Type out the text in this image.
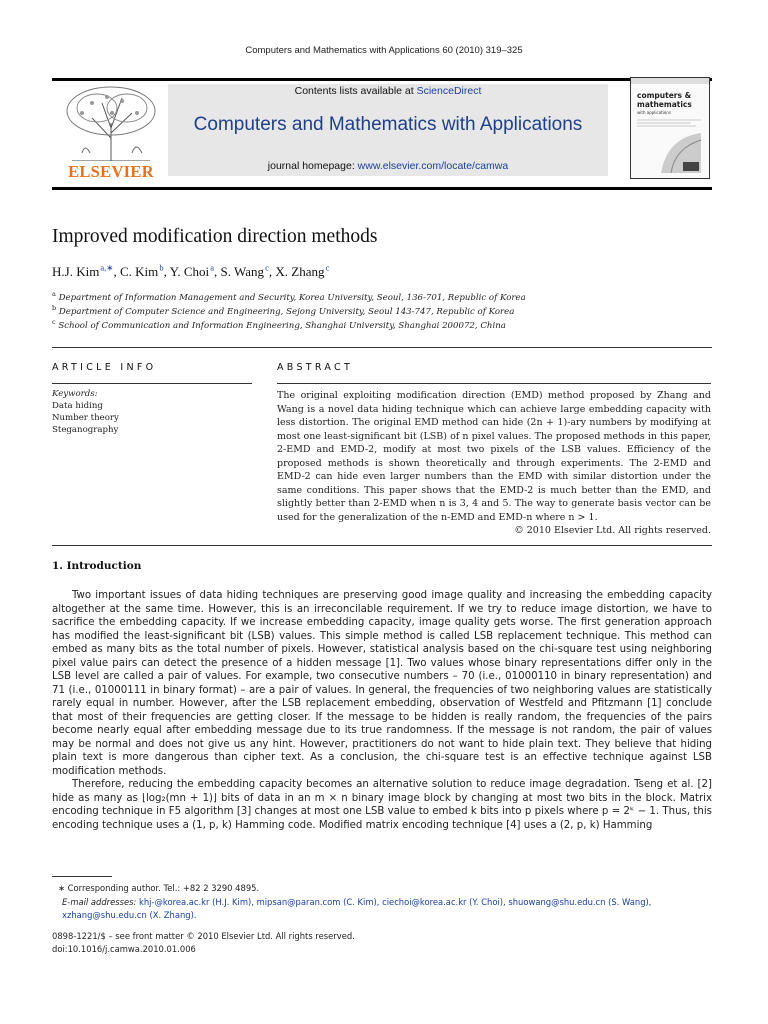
Computers and Mathematics with Applications 60 (2010) 319–325
ELSEVIER
Contents lists available at ScienceDirect
Computers and Mathematics with Applications
journal homepage: www.elsevier.com/locate/camwa
computers &
mathematics
with applications
Improved modification direction methods
H.J. Kim $^{a,∗}$, C. Kim $^b$, Y. Choi $^a$, S. Wang $^c$, X. Zhang $^c$
$^a$ Department of Information Management and Security, Korea University, Seoul, 136-701, Republic of Korea
$^b$ Department of Computer Science and Engineering, Sejong University, Seoul 143-747, Republic of Korea
$^c$ School of Communication and Information Engineering, Shanghai University, Shanghai 200072, China
ARTICLE INFO	ABSTRACT
Keywords:
Data hiding
Number theory
Steganography

The original exploiting modification direction (EMD) method proposed by Zhang and Wang is a novel data hiding technique which can achieve large embedding capacity with less distortion. The original EMD method can hide (2n + 1)-ary numbers by modifying at most one least-significant bit (LSB) of n pixel values. The proposed methods in this paper, 2-EMD and EMD-2, modify at most two pixels of the LSB values. Efficiency of the proposed methods is shown theoretically and through experiments. The 2-EMD and EMD-2 can hide even larger numbers than the EMD with similar distortion under the same conditions. This paper shows that the EMD-2 is much better than the EMD, and slightly better than 2-EMD when n is 3, 4 and 5. The way to generate basis vector can be used for the generalization of the n-EMD and EMD-n where n > 1.

© 2010 Elsevier Ltd. All rights reserved.

1. Introduction

Two important issues of data hiding techniques are preserving good image quality and increasing the embedding capacity altogether at the same time. However, this is an irreconcilable requirement. If we try to reduce image distortion, we have to sacrifice the embedding capacity. If we increase embedding capacity, image quality gets worse. The first generation approach has modified the least-significant bit (LSB) values. This simple method is called LSB replacement technique. This method can embed as many bits as the total number of pixels. However, statistical analysis based on the chi-square test using neighboring pixel value pairs can detect the presence of a hidden message [1]. Two values whose binary representations differ only in the LSB level are called a pair of values. For example, two consecutive numbers – 70 (i.e., 01000110 in binary representation) and 71 (i.e., 01000111 in binary format) – are a pair of values. In general, the frequencies of two neighboring values are statistically rarely equal in number. However, after the LSB replacement embedding, observation of Westfeld and Pfitzmann [1] conclude that most of their frequencies are getting closer. If the message to be hidden is really random, the frequencies of the pairs become nearly equal after embedding message due to its true randomness. If the message is not random, the pair of values may be normal and does not give us any hint. However, practitioners do not want to hide plain text. They believe that hiding plain text is more dangerous than cipher text. As a conclusion, the chi-square test is an effective technique against LSB modification methods.

Therefore, reducing the embedding capacity becomes an alternative solution to reduce image degradation. Tseng et al. [2] hide as many as ⌊log₂(mn + 1)⌋ bits of data in an m × n binary image block by changing at most two bits in the block. Matrix encoding technique in F5 algorithm [3] changes at most one LSB value to embed k bits into p pixels where p = 2ᵏ − 1. Thus, this encoding technique uses a (1, p, k) Hamming code. Modified matrix encoding technique [4] uses a (2, p, k) Hamming

∗ Corresponding author. Tel.: +82 2 3290 4895.
E-mail addresses: khj-@korea.ac.kr (H.J. Kim), mipsan@paran.com (C. Kim), ciechoi@korea.ac.kr (Y. Choi), shuowang@shu.edu.cn (S. Wang), xzhang@shu.edu.cn (X. Zhang).
0898-1221/$ – see front matter © 2010 Elsevier Ltd. All rights reserved.
doi:10.1016/j.camwa.2010.01.006
